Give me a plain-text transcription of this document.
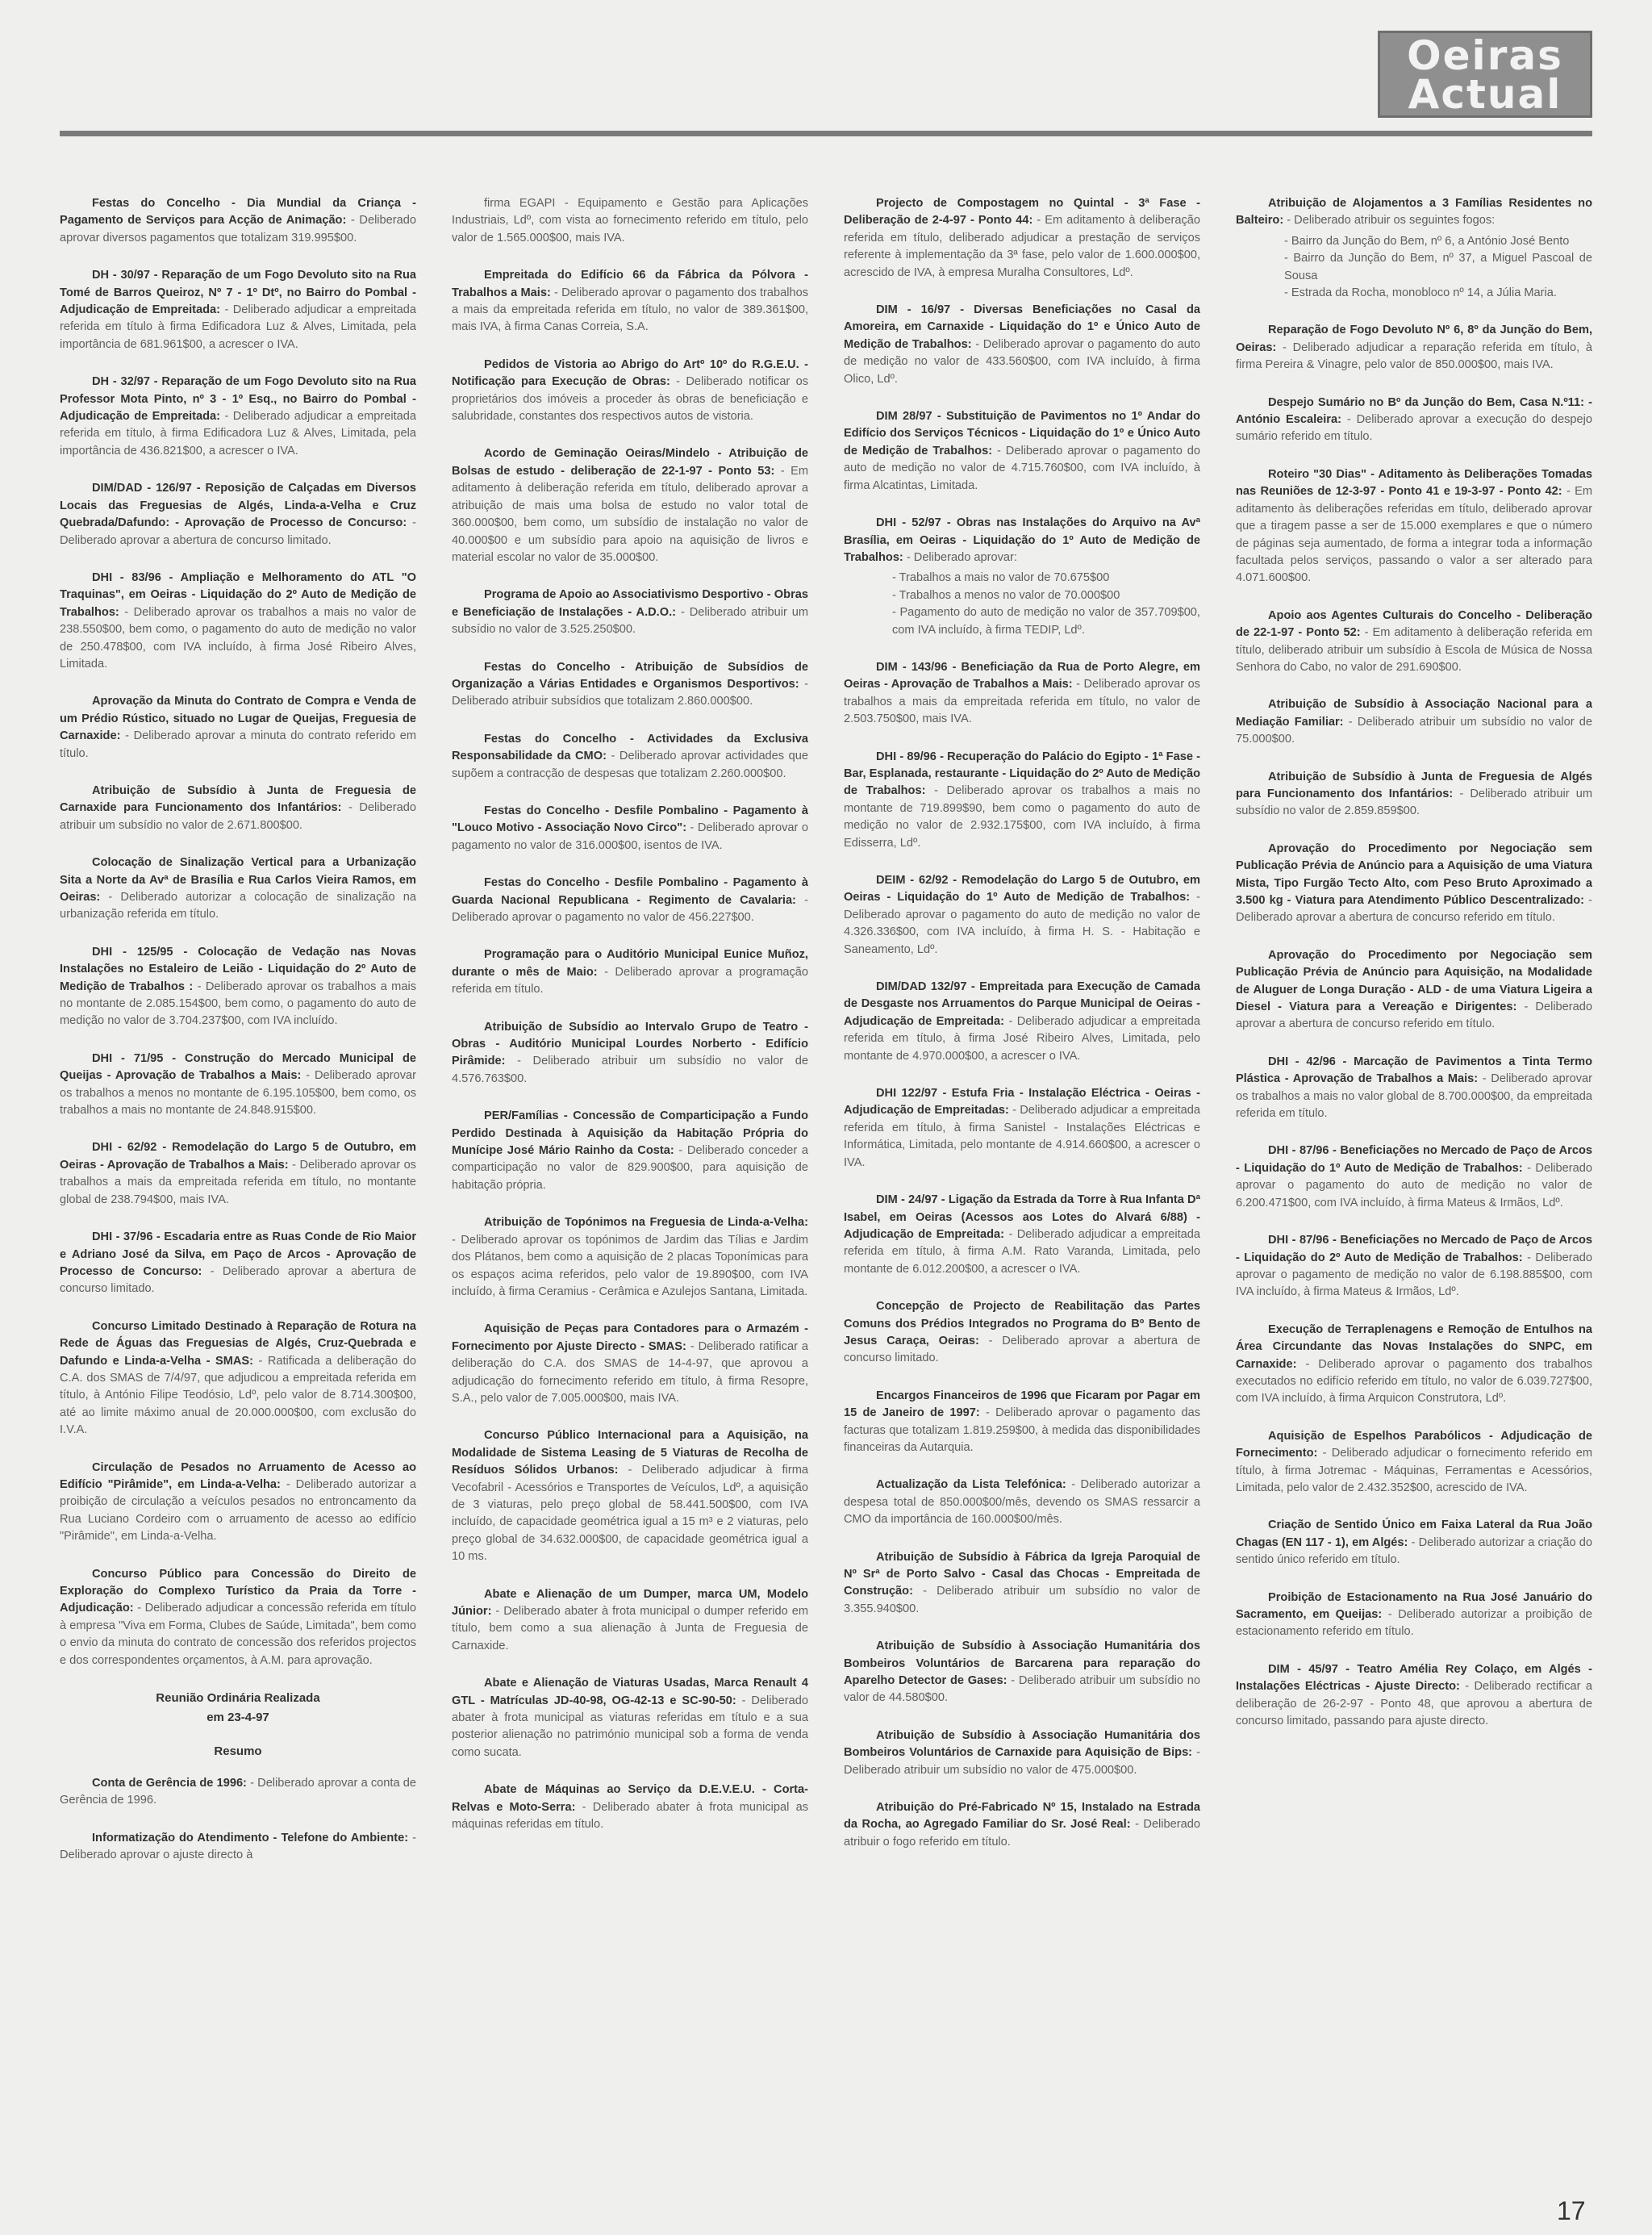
Oeiras
Actual
Festas do Concelho - Dia Mundial da Criança - Pagamento de Serviços para Acção de Animação: - Deliberado aprovar diversos pagamentos que totalizam 319.995$00.
DH - 30/97 - Reparação de um Fogo Devoluto sito na Rua Tomé de Barros Queiroz, Nº 7 - 1º Dtº, no Bairro do Pombal - Adjudicação de Empreitada: - Deliberado adjudicar a empreitada referida em título à firma Edificadora Luz & Alves, Limitada, pela importância de 681.961$00, a acrescer o IVA.
DH - 32/97 - Reparação de um Fogo Devoluto sito na Rua Professor Mota Pinto, nº 3 - 1º Esq., no Bairro do Pombal - Adjudicação de Empreitada: - Deliberado adjudicar a empreitada referida em título, à firma Edificadora Luz & Alves, Limitada, pela importância de 436.821$00, a acrescer o IVA.
DIM/DAD - 126/97 - Reposição de Calçadas em Diversos Locais das Freguesias de Algés, Linda-a-Velha e Cruz Quebrada/Dafundo: - Aprovação de Processo de Concurso: - Deliberado aprovar a abertura de concurso limitado.
DHI - 83/96 - Ampliação e Melhoramento do ATL "O Traquinas", em Oeiras - Liquidação do 2º Auto de Medição de Trabalhos: - Deliberado aprovar os trabalhos a mais no valor de 238.550$00, bem como, o pagamento do auto de medição no valor de 250.478$00, com IVA incluído, à firma José Ribeiro Alves, Limitada.
Aprovação da Minuta do Contrato de Compra e Venda de um Prédio Rústico, situado no Lugar de Queijas, Freguesia de Carnaxide: - Deliberado aprovar a minuta do contrato referido em título.
Atribuição de Subsídio à Junta de Freguesia de Carnaxide para Funcionamento dos Infantários: - Deliberado atribuir um subsídio no valor de 2.671.800$00.
Colocação de Sinalização Vertical para a Urbanização Sita a Norte da Avª de Brasília e Rua Carlos Vieira Ramos, em Oeiras: - Deliberado autorizar a colocação de sinalização na urbanização referida em título.
DHI - 125/95 - Colocação de Vedação nas Novas Instalações no Estaleiro de Leião - Liquidação do 2º Auto de Medição de Trabalhos : - Deliberado aprovar os trabalhos a mais no montante de 2.085.154$00, bem como, o pagamento do auto de medição no valor de 3.704.237$00, com IVA incluído.
DHI - 71/95 - Construção do Mercado Municipal de Queijas - Aprovação de Trabalhos a Mais: - Deliberado aprovar os trabalhos a menos no montante de 6.195.105$00, bem como, os trabalhos a mais no montante de 24.848.915$00.
DHI - 62/92 - Remodelação do Largo 5 de Outubro, em Oeiras - Aprovação de Trabalhos a Mais: - Deliberado aprovar os trabalhos a mais da empreitada referida em título, no montante global de 238.794$00, mais IVA.
DHI - 37/96 - Escadaria entre as Ruas Conde de Rio Maior e Adriano José da Silva, em Paço de Arcos - Aprovação de Processo de Concurso: - Deliberado aprovar a abertura de concurso limitado.
Concurso Limitado Destinado à Reparação de Rotura na Rede de Águas das Freguesias de Algés, Cruz-Quebrada e Dafundo e Linda-a-Velha - SMAS: - Ratificada a deliberação do C.A. dos SMAS de 7/4/97, que adjudicou a empreitada referida em título, à António Filipe Teodósio, Ldº, pelo valor de 8.714.300$00, até ao limite máximo anual de 20.000.000$00, com exclusão do I.V.A.
Circulação de Pesados no Arruamento de Acesso ao Edifício "Pirâmide", em Linda-a-Velha: - Deliberado autorizar a proibição de circulação a veículos pesados no entroncamento da Rua Luciano Cordeiro com o arruamento de acesso ao edifício "Pirâmide", em Linda-a-Velha.
Concurso Público para Concessão do Direito de Exploração do Complexo Turístico da Praia da Torre - Adjudicação: - Deliberado adjudicar a concessão referida em título à empresa "Viva em Forma, Clubes de Saúde, Limitada", bem como o envio da minuta do contrato de concessão dos referidos projectos e dos correspondentes orçamentos, à A.M. para aprovação.
Reunião Ordinária Realizada
em 23-4-97
Resumo
Conta de Gerência de 1996: - Deliberado aprovar a conta de Gerência de 1996.
Informatização do Atendimento - Telefone do Ambiente: - Deliberado aprovar o ajuste directo à
firma EGAPI - Equipamento e Gestão para Aplicações Industriais, Ldº, com vista ao fornecimento referido em título, pelo valor de 1.565.000$00, mais IVA.
Empreitada do Edifício 66 da Fábrica da Pólvora - Trabalhos a Mais: - Deliberado aprovar o pagamento dos trabalhos a mais da empreitada referida em título, no valor de 389.361$00, mais IVA, à firma Canas Correia, S.A.
Pedidos de Vistoria ao Abrigo do Artº 10º do R.G.E.U. - Notificação para Execução de Obras: - Deliberado notificar os proprietários dos imóveis a proceder às obras de beneficiação e salubridade, constantes dos respectivos autos de vistoria.
Acordo de Geminação Oeiras/Mindelo - Atribuição de Bolsas de estudo - deliberação de 22-1-97 - Ponto 53: - Em aditamento à deliberação referida em título, deliberado aprovar a atribuição de mais uma bolsa de estudo no valor total de 360.000$00, bem como, um subsídio de instalação no valor de 40.000$00 e um subsídio para apoio na aquisição de livros e material escolar no valor de 35.000$00.
Programa de Apoio ao Associativismo Desportivo - Obras e Beneficiação de Instalações - A.D.O.: - Deliberado atribuir um subsídio no valor de 3.525.250$00.
Festas do Concelho - Atribuição de Subsídios de Organização a Várias Entidades e Organismos Desportivos: - Deliberado atribuir subsídios que totalizam 2.860.000$00.
Festas do Concelho - Actividades da Exclusiva Responsabilidade da CMO: - Deliberado aprovar actividades que supõem a contracção de despesas que totalizam 2.260.000$00.
Festas do Concelho - Desfile Pombalino - Pagamento à "Louco Motivo - Associação Novo Circo": - Deliberado aprovar o pagamento no valor de 316.000$00, isentos de IVA.
Festas do Concelho - Desfile Pombalino - Pagamento à Guarda Nacional Republicana - Regimento de Cavalaria: - Deliberado aprovar o pagamento no valor de 456.227$00.
Programação para o Auditório Municipal Eunice Muñoz, durante o mês de Maio: - Deliberado aprovar a programação referida em título.
Atribuição de Subsídio ao Intervalo Grupo de Teatro - Obras - Auditório Municipal Lourdes Norberto - Edifício Pirâmide: - Deliberado atribuir um subsídio no valor de 4.576.763$00.
PER/Famílias - Concessão de Comparticipação a Fundo Perdido Destinada à Aquisição da Habitação Própria do Munícipe José Mário Rainho da Costa: - Deliberado conceder a comparticipação no valor de 829.900$00, para aquisição de habitação própria.
Atribuição de Topónimos na Freguesia de Linda-a-Velha: - Deliberado aprovar os topónimos de Jardim das Tílias e Jardim dos Plátanos, bem como a aquisição de 2 placas Toponímicas para os espaços acima referidos, pelo valor de 19.890$00, com IVA incluído, à firma Ceramius - Cerâmica e Azulejos Santana, Limitada.
Aquisição de Peças para Contadores para o Armazém - Fornecimento por Ajuste Directo - SMAS: - Deliberado ratificar a deliberação do C.A. dos SMAS de 14-4-97, que aprovou a adjudicação do fornecimento referido em título, à firma Resopre, S.A., pelo valor de 7.005.000$00, mais IVA.
Concurso Público Internacional para a Aquisição, na Modalidade de Sistema Leasing de 5 Viaturas de Recolha de Resíduos Sólidos Urbanos: - Deliberado adjudicar à firma Vecofabril - Acessórios e Transportes de Veículos, Ldº, a aquisição de 3 viaturas, pelo preço global de 58.441.500$00, com IVA incluído, de capacidade geométrica igual a 15 m³ e 2 viaturas, pelo preço global de 34.632.000$00, de capacidade geométrica igual a 10 ms.
Abate e Alienação de um Dumper, marca UM, Modelo Júnior: - Deliberado abater à frota municipal o dumper referido em título, bem como a sua alienação à Junta de Freguesia de Carnaxide.
Abate e Alienação de Viaturas Usadas, Marca Renault 4 GTL - Matrículas JD-40-98, OG-42-13 e SC-90-50: - Deliberado abater à frota municipal as viaturas referidas em título e a sua posterior alienação no património municipal sob a forma de venda como sucata.
Abate de Máquinas ao Serviço da D.E.V.E.U. - Corta-Relvas e Moto-Serra: - Deliberado abater à frota municipal as máquinas referidas em título.
Projecto de Compostagem no Quintal - 3ª Fase - Deliberação de 2-4-97 - Ponto 44: - Em aditamento à deliberação referida em título, deliberado adjudicar a prestação de serviços referente à implementação da 3ª fase, pelo valor de 1.600.000$00, acrescido de IVA, à empresa Muralha Consultores, Ldº.
DIM - 16/97 - Diversas Beneficiações no Casal da Amoreira, em Carnaxide - Liquidação do 1º e Único Auto de Medição de Trabalhos: - Deliberado aprovar o pagamento do auto de medição no valor de 433.560$00, com IVA incluído, à firma Olico, Ldº.
DIM 28/97 - Substituição de Pavimentos no 1º Andar do Edifício dos Serviços Técnicos - Liquidação do 1º e Único Auto de Medição de Trabalhos: - Deliberado aprovar o pagamento do auto de medição no valor de 4.715.760$00, com IVA incluído, à firma Alcatintas, Limitada.
DHI - 52/97 - Obras nas Instalações do Arquivo na Avª Brasília, em Oeiras - Liquidação do 1º Auto de Medição de Trabalhos: - Deliberado aprovar:
- Trabalhos a mais no valor de 70.675$00
- Trabalhos a menos no valor de 70.000$00
- Pagamento do auto de medição no valor de 357.709$00, com IVA incluído, à firma TEDIP, Ldº.
DIM - 143/96 - Beneficiação da Rua de Porto Alegre, em Oeiras - Aprovação de Trabalhos a Mais: - Deliberado aprovar os trabalhos a mais da empreitada referida em título, no valor de 2.503.750$00, mais IVA.
DHI - 89/96 - Recuperação do Palácio do Egipto - 1ª Fase - Bar, Esplanada, restaurante - Liquidação do 2º Auto de Medição de Trabalhos: - Deliberado aprovar os trabalhos a mais no montante de 719.899$90, bem como o pagamento do auto de medição no valor de 2.932.175$00, com IVA incluído, à firma Edisserra, Ldº.
DEIM - 62/92 - Remodelação do Largo 5 de Outubro, em Oeiras - Liquidação do 1º Auto de Medição de Trabalhos: - Deliberado aprovar o pagamento do auto de medição no valor de 4.326.336$00, com IVA incluído, à firma H. S. - Habitação e Saneamento, Ldº.
DIM/DAD 132/97 - Empreitada para Execução de Camada de Desgaste nos Arruamentos do Parque Municipal de Oeiras - Adjudicação de Empreitada: - Deliberado adjudicar a empreitada referida em título, à firma José Ribeiro Alves, Limitada, pelo montante de 4.970.000$00, a acrescer o IVA.
DHI 122/97 - Estufa Fria - Instalação Eléctrica - Oeiras - Adjudicação de Empreitadas: - Deliberado adjudicar a empreitada referida em título, à firma Sanistel - Instalações Eléctricas e Informática, Limitada, pelo montante de 4.914.660$00, a acrescer o IVA.
DIM - 24/97 - Ligação da Estrada da Torre à Rua Infanta Dª Isabel, em Oeiras (Acessos aos Lotes do Alvará 6/88) - Adjudicação de Empreitada: - Deliberado adjudicar a empreitada referida em título, à firma A.M. Rato Varanda, Limitada, pelo montante de 6.012.200$00, a acrescer o IVA.
Concepção de Projecto de Reabilitação das Partes Comuns dos Prédios Integrados no Programa do Bº Bento de Jesus Caraça, Oeiras: - Deliberado aprovar a abertura de concurso limitado.
Encargos Financeiros de 1996 que Ficaram por Pagar em 15 de Janeiro de 1997: - Deliberado aprovar o pagamento das facturas que totalizam 1.819.259$00, à medida das disponibilidades financeiras da Autarquia.
Actualização da Lista Telefónica: - Deliberado autorizar a despesa total de 850.000$00/mês, devendo os SMAS ressarcir a CMO da importância de 160.000$00/mês.
Atribuição de Subsídio à Fábrica da Igreja Paroquial de Nº Srª de Porto Salvo - Casal das Chocas - Empreitada de Construção: - Deliberado atribuir um subsídio no valor de 3.355.940$00.
Atribuição de Subsídio à Associação Humanitária dos Bombeiros Voluntários de Barcarena para reparação do Aparelho Detector de Gases: - Deliberado atribuir um subsídio no valor de 44.580$00.
Atribuição de Subsídio à Associação Humanitária dos Bombeiros Voluntários de Carnaxide para Aquisição de Bips: - Deliberado atribuir um subsídio no valor de 475.000$00.
Atribuição do Pré-Fabricado Nº 15, Instalado na Estrada da Rocha, ao Agregado Familiar do Sr. José Real: - Deliberado atribuir o fogo referido em título.
Atribuição de Alojamentos a 3 Famílias Residentes no Balteiro: - Deliberado atribuir os seguintes fogos:
- Bairro da Junção do Bem, nº 6, a António José Bento
- Bairro da Junção do Bem, nº 37, a Miguel Pascoal de Sousa
- Estrada da Rocha, monobloco nº 14, a Júlia Maria.
Reparação de Fogo Devoluto Nº 6, 8º da Junção do Bem, Oeiras: - Deliberado adjudicar a reparação referida em título, à firma Pereira & Vinagre, pelo valor de 850.000$00, mais IVA.
Despejo Sumário no Bº da Junção do Bem, Casa N.º11: - António Escaleira: - Deliberado aprovar a execução do despejo sumário referido em título.
Roteiro "30 Dias" - Aditamento às Deliberações Tomadas nas Reuniões de 12-3-97 - Ponto 41 e 19-3-97 - Ponto 42: - Em aditamento às deliberações referidas em título, deliberado aprovar que a tiragem passe a ser de 15.000 exemplares e que o número de páginas seja aumentado, de forma a integrar toda a informação facultada pelos serviços, passando o valor a ser alterado para 4.071.600$00.
Apoio aos Agentes Culturais do Concelho - Deliberação de 22-1-97 - Ponto 52: - Em aditamento à deliberação referida em título, deliberado atribuir um subsídio à Escola de Música de Nossa Senhora do Cabo, no valor de 291.690$00.
Atribuição de Subsídio à Associação Nacional para a Mediação Familiar: - Deliberado atribuir um subsídio no valor de 75.000$00.
Atribuição de Subsídio à Junta de Freguesia de Algés para Funcionamento dos Infantários: - Deliberado atribuir um subsídio no valor de 2.859.859$00.
Aprovação do Procedimento por Negociação sem Publicação Prévia de Anúncio para a Aquisição de uma Viatura Mista, Tipo Furgão Tecto Alto, com Peso Bruto Aproximado a 3.500 kg - Viatura para Atendimento Público Descentralizado: - Deliberado aprovar a abertura de concurso referido em título.
Aprovação do Procedimento por Negociação sem Publicação Prévia de Anúncio para Aquisição, na Modalidade de Aluguer de Longa Duração - ALD - de uma Viatura Ligeira a Diesel - Viatura para a Vereação e Dirigentes: - Deliberado aprovar a abertura de concurso referido em título.
DHI - 42/96 - Marcação de Pavimentos a Tinta Termo Plástica - Aprovação de Trabalhos a Mais: - Deliberado aprovar os trabalhos a mais no valor global de 8.700.000$00, da empreitada referida em título.
DHI - 87/96 - Beneficiações no Mercado de Paço de Arcos - Liquidação do 1º Auto de Medição de Trabalhos: - Deliberado aprovar o pagamento do auto de medição no valor de 6.200.471$00, com IVA incluído, à firma Mateus & Irmãos, Ldº.
DHI - 87/96 - Beneficiações no Mercado de Paço de Arcos - Liquidação do 2º Auto de Medição de Trabalhos: - Deliberado aprovar o pagamento de medição no valor de 6.198.885$00, com IVA incluído, à firma Mateus & Irmãos, Ldº.
Execução de Terraplenagens e Remoção de Entulhos na Área Circundante das Novas Instalações do SNPC, em Carnaxide: - Deliberado aprovar o pagamento dos trabalhos executados no edifício referido em título, no valor de 6.039.727$00, com IVA incluído, à firma Arquicon Construtora, Ldº.
Aquisição de Espelhos Parabólicos - Adjudicação de Fornecimento: - Deliberado adjudicar o fornecimento referido em título, à firma Jotremac - Máquinas, Ferramentas e Acessórios, Limitada, pelo valor de 2.432.352$00, acrescido de IVA.
Criação de Sentido Único em Faixa Lateral da Rua João Chagas (EN 117 - 1), em Algés: - Deliberado autorizar a criação do sentido único referido em título.
Proibição de Estacionamento na Rua José Januário do Sacramento, em Queijas: - Deliberado autorizar a proibição de estacionamento referido em título.
DIM - 45/97 - Teatro Amélia Rey Colaço, em Algés - Instalações Eléctricas - Ajuste Directo: - Deliberado rectificar a deliberação de 26-2-97 - Ponto 48, que aprovou a abertura de concurso limitado, passando para ajuste directo.
17
